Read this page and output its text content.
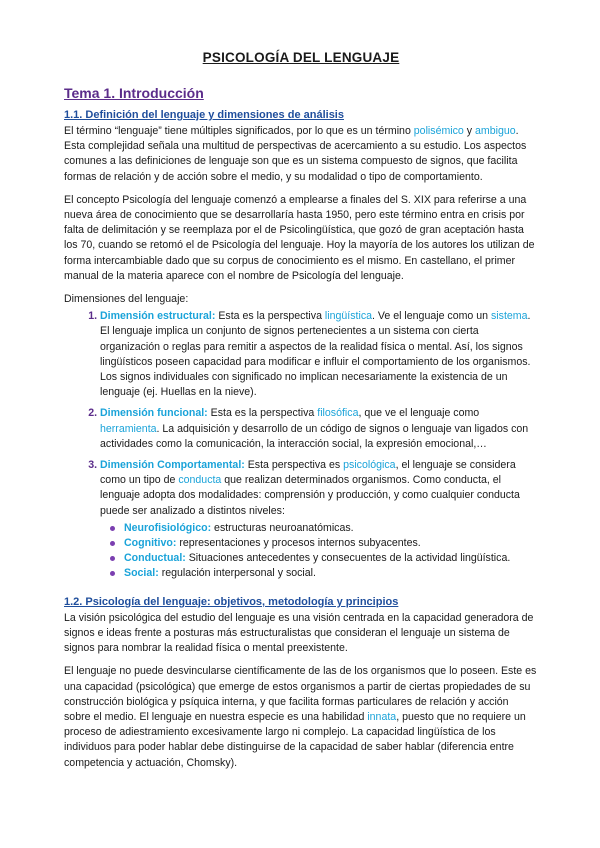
PSICOLOGÍA DEL LENGUAJE
Tema 1. Introducción
1.1. Definición del lenguaje y dimensiones de análisis

El término “lenguaje” tiene múltiples significados, por lo que es un término polisémico y ambiguo. Esta complejidad señala una multitud de perspectivas de acercamiento a su estudio. Los aspectos comunes a las definiciones de lenguaje son que es un sistema compuesto de signos, que facilita formas de relación y de acción sobre el medio, y su modalidad o tipo de comportamiento.

El concepto Psicología del lenguaje comenzó a emplearse a finales del S. XIX para referirse a una nueva área de conocimiento que se desarrollaría hasta 1950, pero este término entra en crisis por falta de delimitación y se reemplaza por el de Psicolingüística, que gozó de gran aceptación hasta los 70, cuando se retomó el de Psicología del lenguaje. Hoy la mayoría de los autores los utilizan de forma intercambiable dado que su corpus de conocimiento es el mismo. En castellano, el primer manual de la materia aparece con el nombre de Psicología del lenguaje.

Dimensiones del lenguaje:

1. Dimensión estructural: Esta es la perspectiva lingüística. Ve el lenguaje como un sistema. El lenguaje implica un conjunto de signos pertenecientes a un sistema con cierta organización o reglas para remitir a aspectos de la realidad física o mental. Así, los signos lingüísticos poseen capacidad para modificar e influir el comportamiento de los organismos. Los signos individuales con significado no implican necesariamente la existencia de un lenguaje (ej. Huellas en la nieve).
2. Dimensión funcional: Esta es la perspectiva filosófica, que ve el lenguaje como herramienta. La adquisición y desarrollo de un código de signos o lenguaje van ligados con actividades como la comunicación, la interacción social, la expresión emocional,…
3. Dimensión Comportamental: Esta perspectiva es psicológica, el lenguaje se considera como un tipo de conducta que realizan determinados organismos. Como conducta, el lenguaje adopta dos modalidades: comprensión y producción, y como cualquier conducta puede ser analizado a distintos niveles:
Neurofisiológico: estructuras neuroanatómicas.
Cognitivo: representaciones y procesos internos subyacentes.
Conductual: Situaciones antecedentes y consecuentes de la actividad lingüística.
Social: regulación interpersonal y social.
1.2. Psicología del lenguaje: objetivos, metodología y principios

La visión psicológica del estudio del lenguaje es una visión centrada en la capacidad generadora de signos e ideas frente a posturas más estructuralistas que consideran el lenguaje un sistema de signos para nombrar la realidad física o mental preexistente.

El lenguaje no puede desvincularse científicamente de las de los organismos que lo poseen. Este es una capacidad (psicológica) que emerge de estos organismos a partir de ciertas propiedades de su construcción biológica y psíquica interna, y que facilita formas particulares de relación y acción sobre el medio. El lenguaje en nuestra especie es una habilidad innata, puesto que no requiere un proceso de adiestramiento excesivamente largo ni complejo. La capacidad lingüística de los individuos para poder hablar debe distinguirse de la capacidad de saber hablar (diferencia entre competencia y actuación, Chomsky).
